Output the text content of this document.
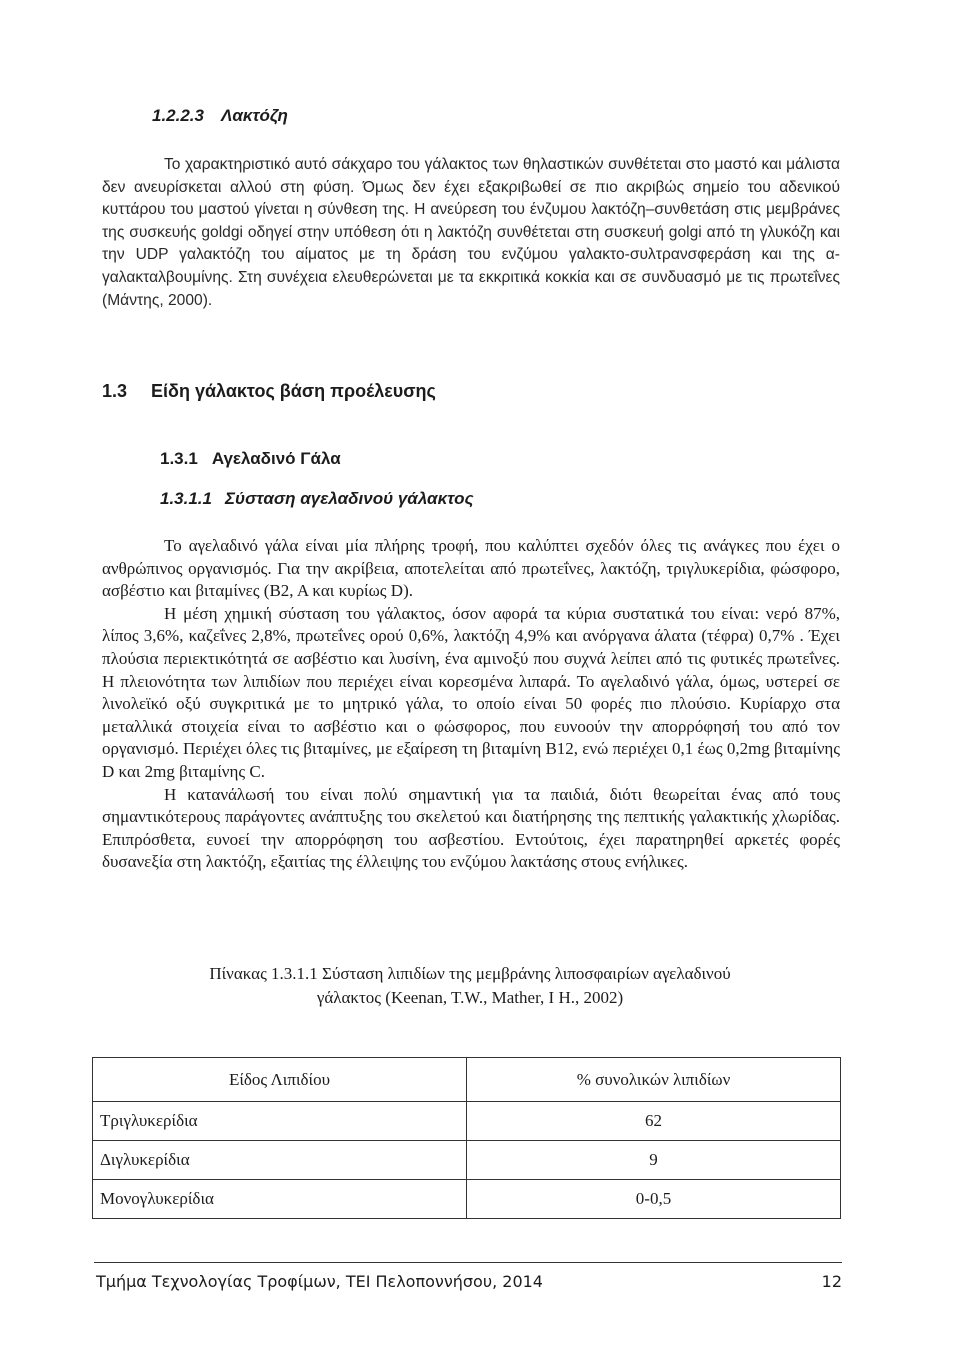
1.2.2.3 Λακτόζη

Το χαρακτηριστικό αυτό σάκχαρο του γάλακτος των θηλαστικών συνθέτεται στο μαστό και μάλιστα δεν ανευρίσκεται αλλού στη φύση. Όμως δεν έχει εξακριβωθεί σε πιο ακριβώς σημείο του αδενικού κυττάρου του μαστού γίνεται η σύνθεση της. Η ανεύρεση του ένζυμου λακτόζη–συνθετάση στις μεμβράνες της συσκευής goldgi οδηγεί στην υπόθεση ότι η λακτόζη συνθέτεται στη συσκευή golgi από τη γλυκόζη και την UDP γαλακτόζη του αίματος με τη δράση του ενζύμου γαλακτο-συλτρανσφεράση και της α-γαλακταλβουμίνης. Στη συνέχεια ελευθερώνεται με τα εκκριτικά κοκκία και σε συνδυασμό με τις πρωτεΐνες (Μάντης, 2000).

1.3 Είδη γάλακτος βάση προέλευσης
1.3.1 Αγελαδινό Γάλα
1.3.1.1 Σύσταση αγελαδινού γάλακτος

Το αγελαδινό γάλα είναι μία πλήρης τροφή, που καλύπτει σχεδόν όλες τις ανάγκες που έχει ο ανθρώπινος οργανισμός. Για την ακρίβεια, αποτελείται από πρωτεΐνες, λακτόζη, τριγλυκερίδια, φώσφορο, ασβέστιο και βιταμίνες (B2, A και κυρίως D).

Η μέση χημική σύσταση του γάλακτος, όσον αφορά τα κύρια συστατικά του είναι: νερό 87%, λίπος 3,6%, καζεΐνες 2,8%, πρωτεΐνες ορού 0,6%, λακτόζη 4,9% και ανόργανα άλατα (τέφρα) 0,7% . Έχει πλούσια περιεκτικότητά σε ασβέστιο και λυσίνη, ένα αμινοξύ που συχνά λείπει από τις φυτικές πρωτεΐνες. Η πλειονότητα των λιπιδίων που περιέχει είναι κορεσμένα λιπαρά. Το αγελαδινό γάλα, όμως, υστερεί σε λινολεϊκό οξύ συγκριτικά με το μητρικό γάλα, το οποίο είναι 50 φορές πιο πλούσιο. Κυρίαρχο στα μεταλλικά στοιχεία είναι το ασβέστιο και ο φώσφορος, που ευνοούν την απορρόφησή του από τον οργανισμό. Περιέχει όλες τις βιταμίνες, με εξαίρεση τη βιταμίνη B12, ενώ περιέχει 0,1 έως 0,2mg βιταμίνης D και 2mg βιταμίνης C.

Η κατανάλωσή του είναι πολύ σημαντική για τα παιδιά, διότι θεωρείται ένας από τους σημαντικότερους παράγοντες ανάπτυξης του σκελετού και διατήρησης της πεπτικής γαλακτικής χλωρίδας. Επιπρόσθετα, ευνοεί την απορρόφηση του ασβεστίου. Εντούτοις, έχει παρατηρηθεί αρκετές φορές δυσανεξία στη λακτόζη, εξαιτίας της έλλειψης του ενζύμου λακτάσης στους ενήλικες.

Πίνακας 1.3.1.1 Σύσταση λιπιδίων της μεμβράνης λιποσφαιρίων αγελαδινού
γάλακτος (Keenan, T.W., Mather, I H., 2002)
Είδος Λιπιδίου	% συνολικών λιπιδίων
Τριγλυκερίδια	62
Διγλυκερίδια	9
Μονογλυκερίδια	0-0,5
Τμήμα Τεχνολογίας Τροφίμων, ΤΕΙ Πελοποννήσου, 2014	12
